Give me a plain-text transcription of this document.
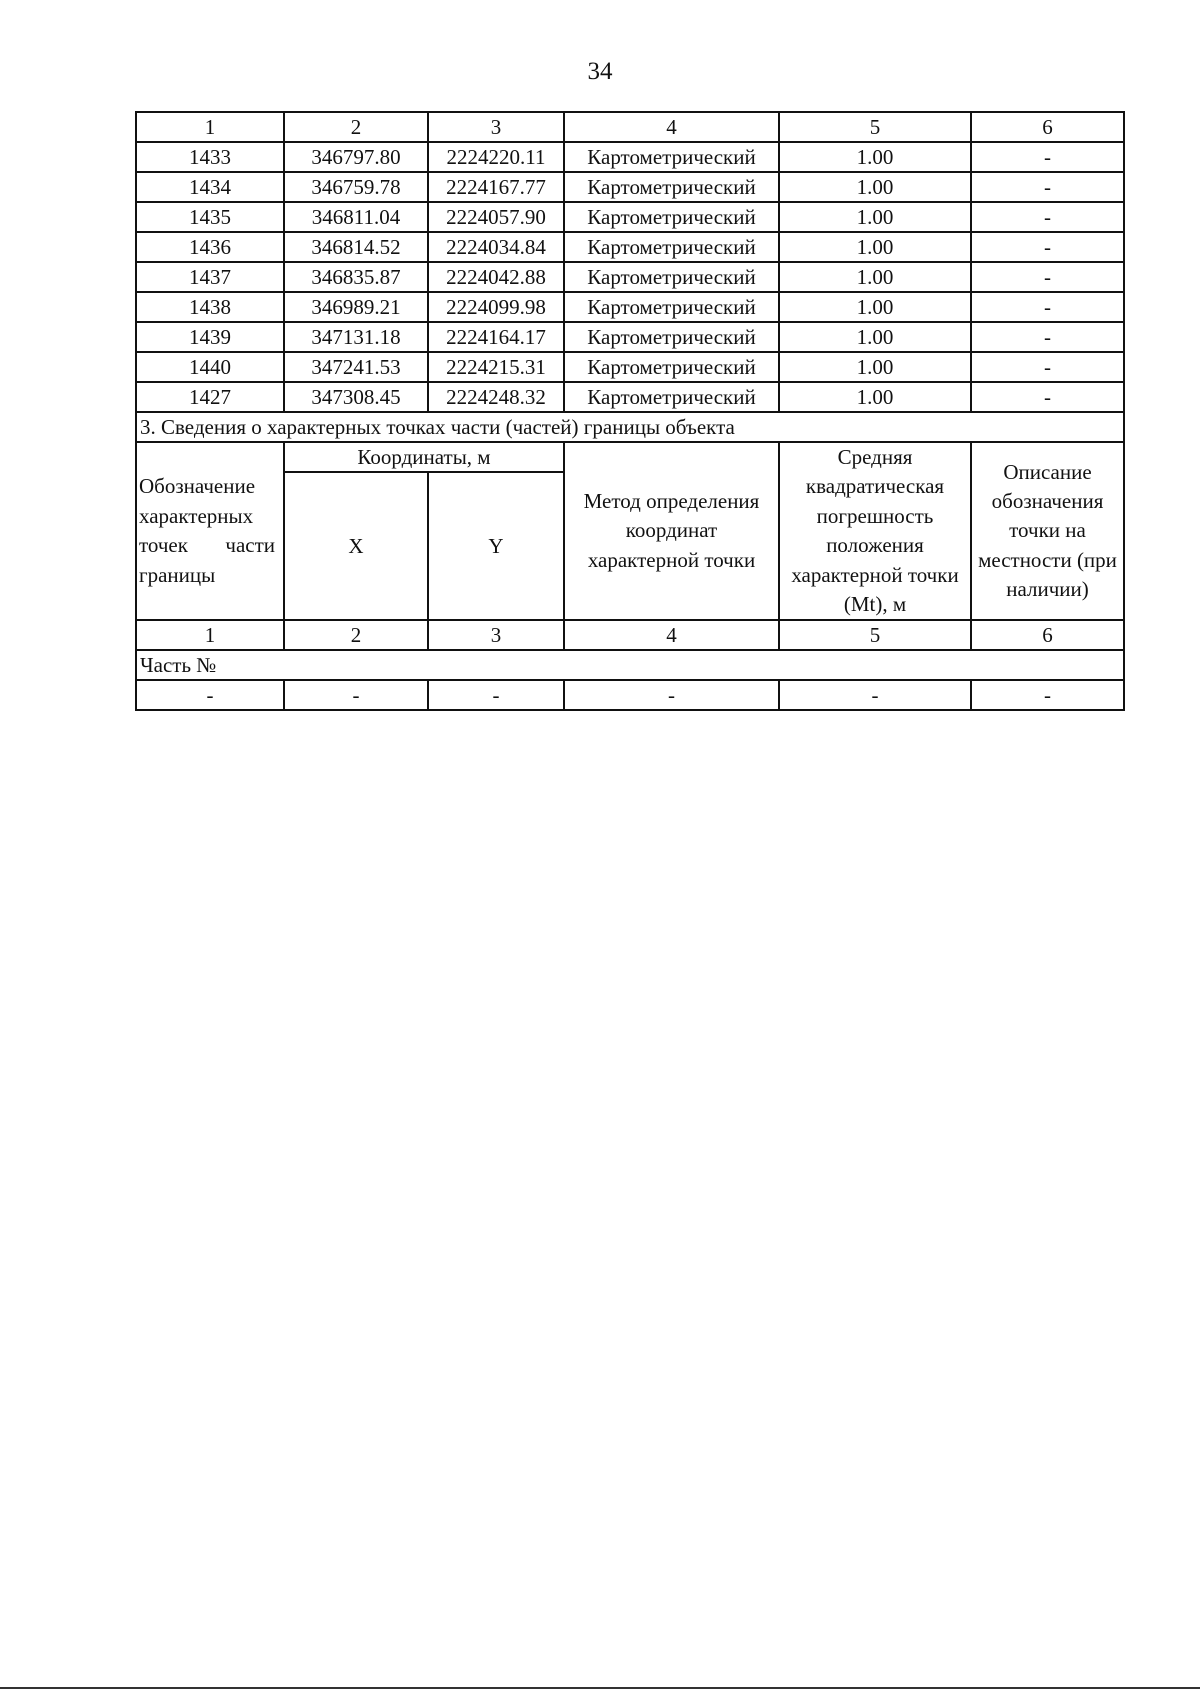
34
1	2	3	4	5	6
1433	346797.80	2224220.11	Картометрический	1.00	-
1434	346759.78	2224167.77	Картометрический	1.00	-
1435	346811.04	2224057.90	Картометрический	1.00	-
1436	346814.52	2224034.84	Картометрический	1.00	-
1437	346835.87	2224042.88	Картометрический	1.00	-
1438	346989.21	2224099.98	Картометрический	1.00	-
1439	347131.18	2224164.17	Картометрический	1.00	-
1440	347241.53	2224215.31	Картометрический	1.00	-
1427	347308.45	2224248.32	Картометрический	1.00	-
3. Сведения о характерных точках части (частей) границы объекта					

Обозначение характерных точек части границы	Координаты, м		Метод определения координат характерной точки	Средняя квадратическая погрешность положения характерной точки (Mt), м	Описание обозначения точки на местности (при наличии)
	X	Y			
1	2	3	4	5	6
Часть №					
-	-	-	-	-	-
